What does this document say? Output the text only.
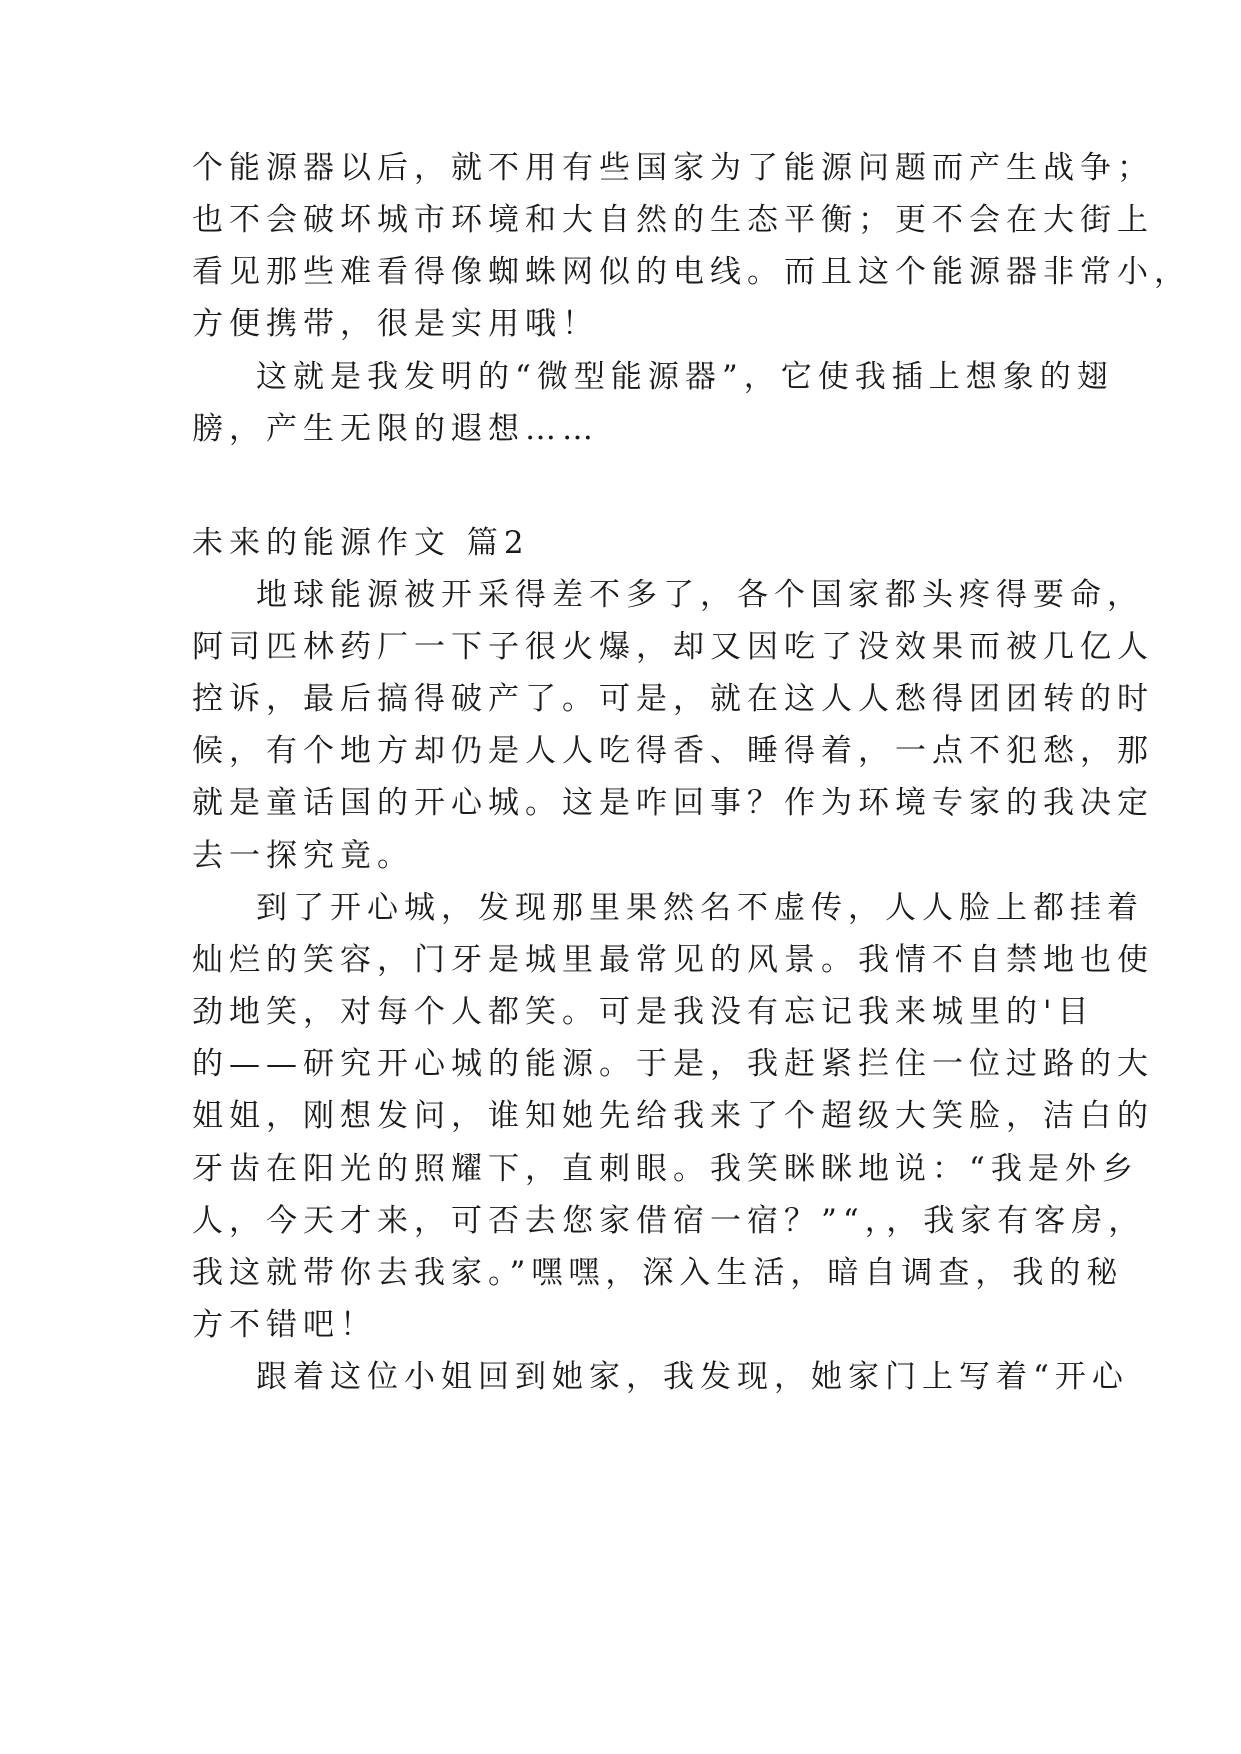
个能源器以后，就不用有些国家为了能源问题而产生战争；
也不会破坏城市环境和大自然的生态平衡；更不会在大街上
看见那些难看得像蜘蛛网似的电线。而且这个能源器非常小，
方便携带，很是实用哦！
这就是我发明的“微型能源器”，它使我插上想象的翅
膀，产生无限的遐想……
未来的能源作文 篇2
地球能源被开采得差不多了，各个国家都头疼得要命，
阿司匹林药厂一下子很火爆，却又因吃了没效果而被几亿人
控诉，最后搞得破产了。可是，就在这人人愁得团团转的时
候，有个地方却仍是人人吃得香、睡得着，一点不犯愁，那
就是童话国的开心城。这是咋回事？作为环境专家的我决定
去一探究竟。
到了开心城，发现那里果然名不虚传，人人脸上都挂着
灿烂的笑容，门牙是城里最常见的风景。我情不自禁地也使
劲地笑，对每个人都笑。可是我没有忘记我来城里的'目
的——研究开心城的能源。于是，我赶紧拦住一位过路的大
姐姐，刚想发问，谁知她先给我来了个超级大笑脸，洁白的
牙齿在阳光的照耀下，直刺眼。我笑眯眯地说：“我是外乡
人，今天才来，可否去您家借宿一宿？”“，，我家有客房，
我这就带你去我家。”嘿嘿，深入生活，暗自调查，我的秘
方不错吧！
跟着这位小姐回到她家，我发现，她家门上写着“开心
